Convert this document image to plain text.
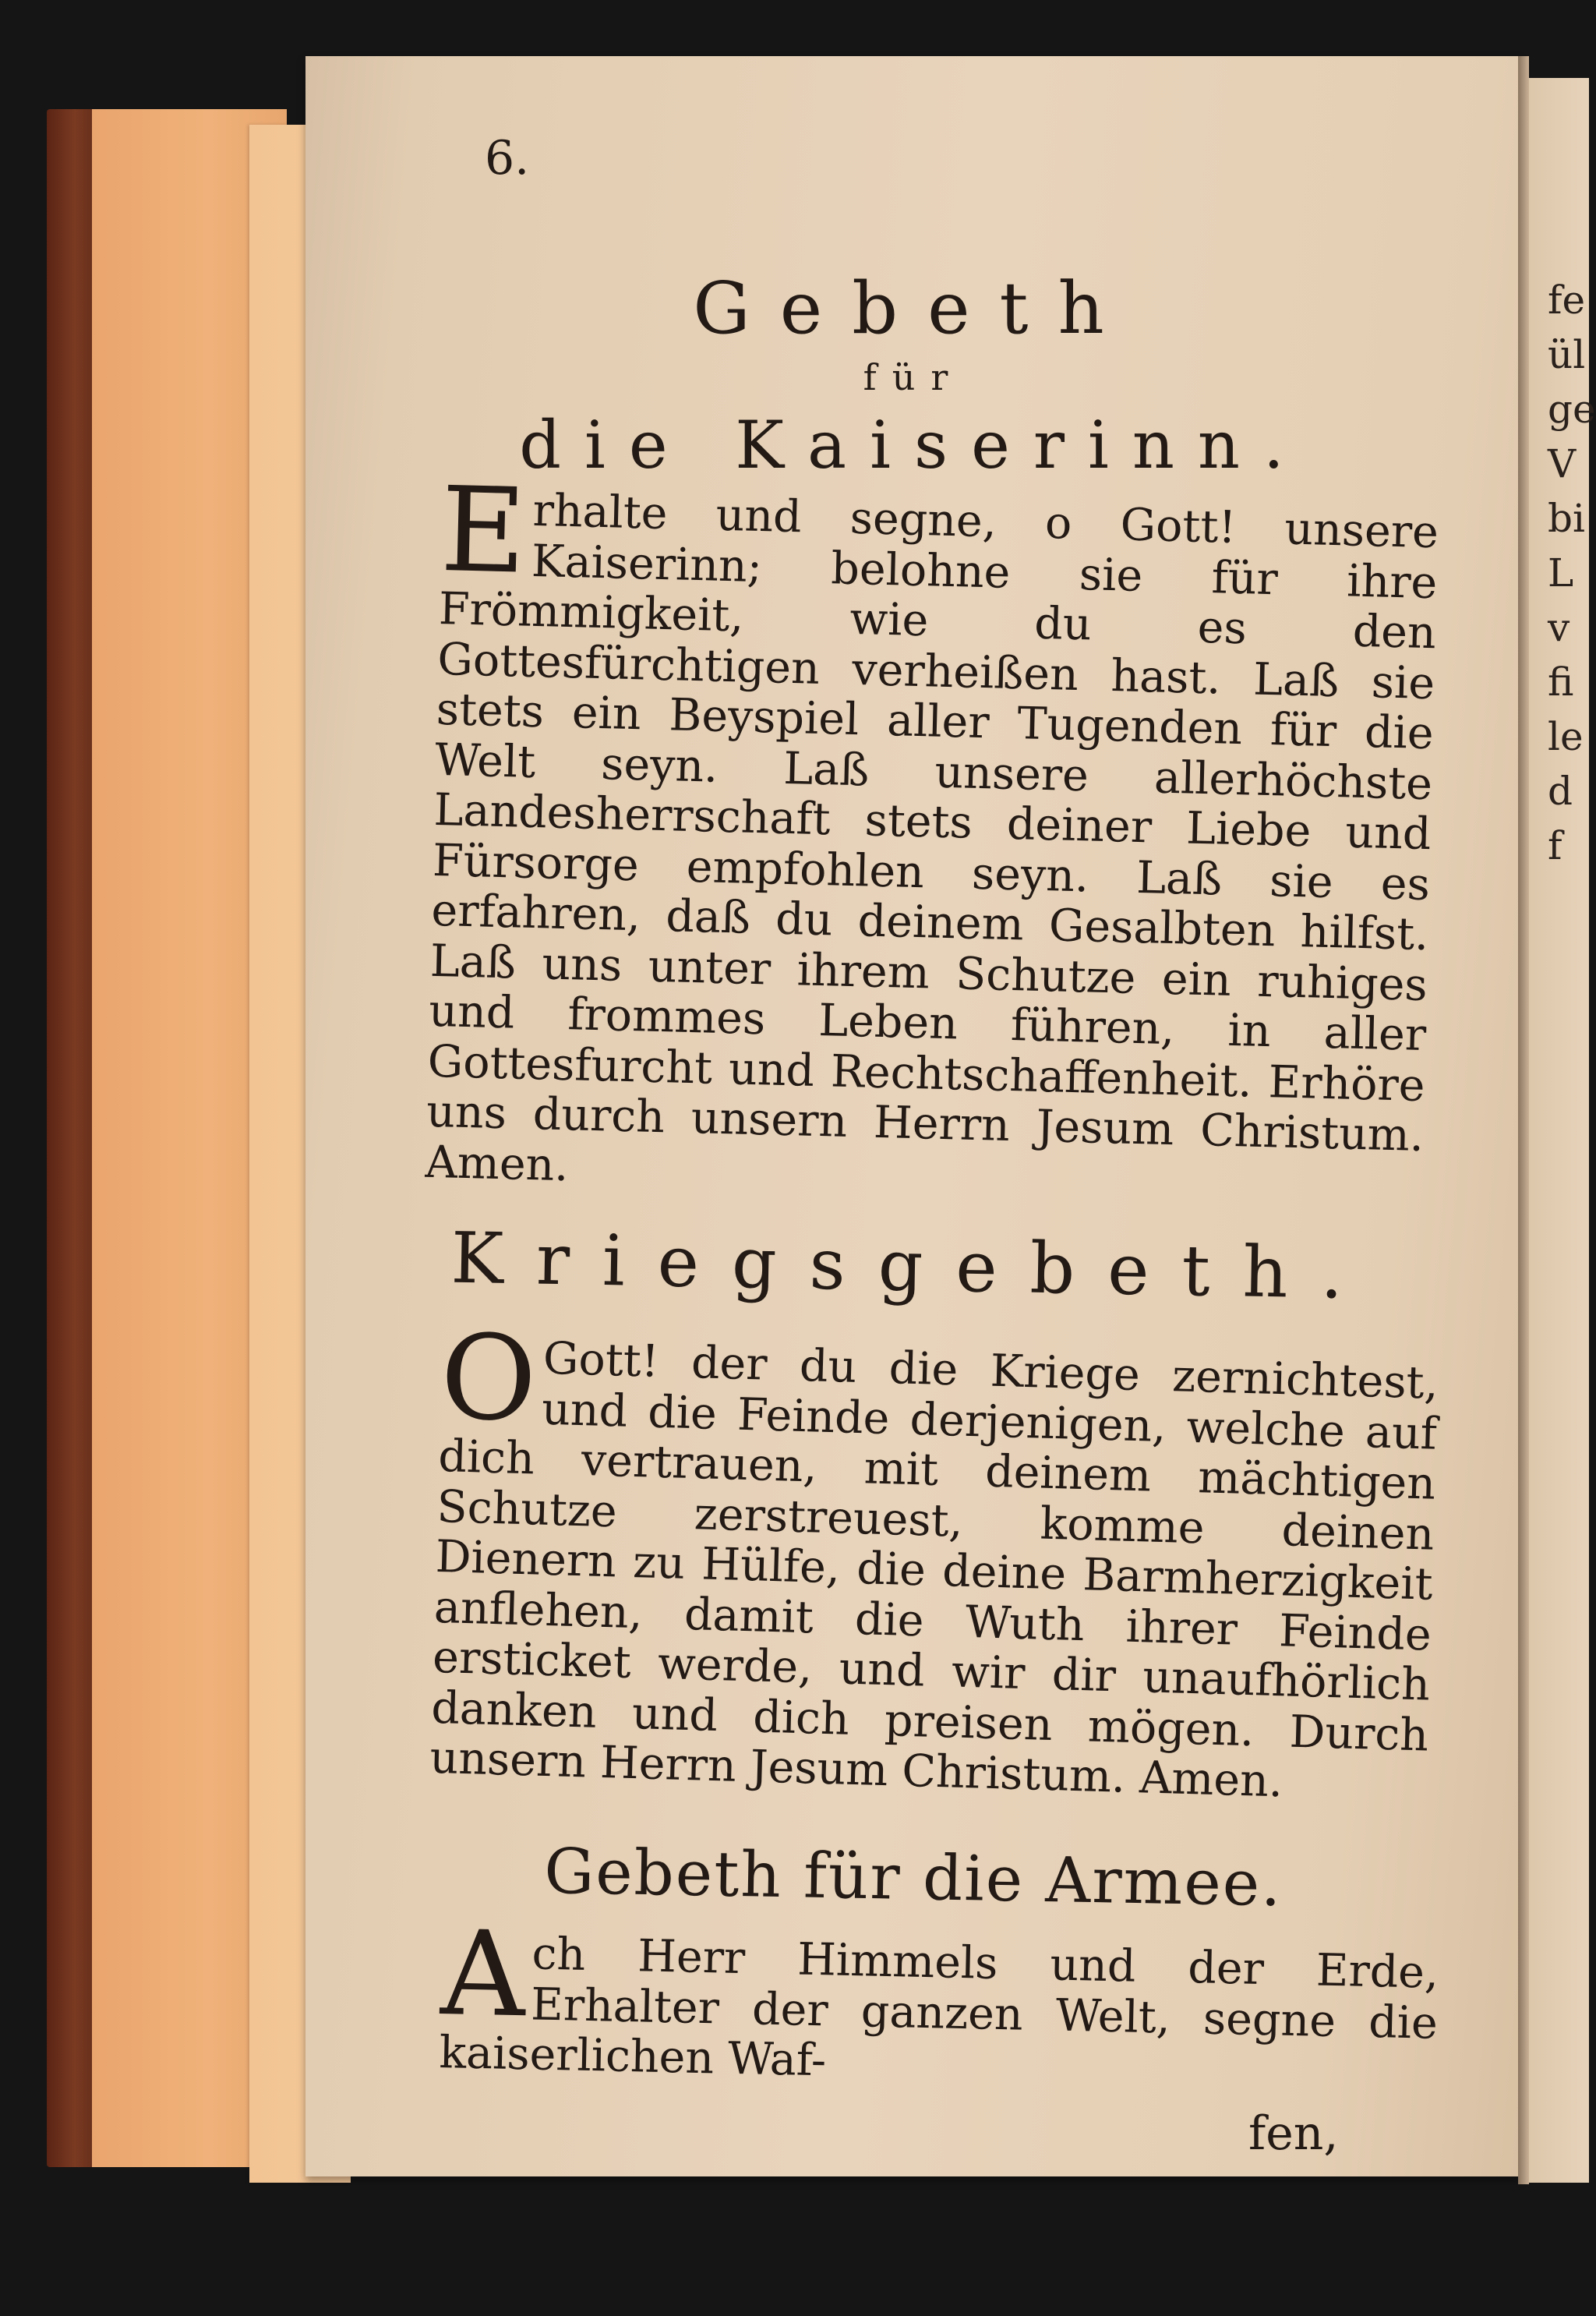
6.
Gebeth
für
die Kaiserinn.
Erhalte und segne, o Gott! unsere Kaiserinn; belohne sie für ihre Frömmigkeit, wie du es den Gottesfürchtigen verheißen hast. Laß sie stets ein Beyspiel aller Tugenden für die Welt seyn. Laß unsere allerhöchste Landesherrschaft stets deiner Liebe und Fürsorge empfohlen seyn. Laß sie es erfahren, daß du deinem Gesalbten hilfst. Laß uns unter ihrem Schutze ein ruhiges und frommes Leben führen, in aller Gottesfurcht und Rechtschaffenheit. Erhöre uns durch unsern Herrn Jesum Christum. Amen.
Kriegsgebeth.
O Gott! der du die Kriege zernichtest, und die Feinde derjenigen, welche auf dich vertrauen, mit deinem mächtigen Schutze zerstreuest, komme deinen Dienern zu Hülfe, die deine Barmherzigkeit anflehen, damit die Wuth ihrer Feinde ersticket werde, und wir dir unaufhörlich danken und dich preisen mögen. Durch unsern Herrn Jesum Christum. Amen.
Gebeth für die Armee.
Ach Herr Himmels und der Erde, Erhalter der ganzen Welt, segne die kaiserlichen Waf-
fen,
fe
ül
ge
V
bi
L
v
fi
le
d
f
